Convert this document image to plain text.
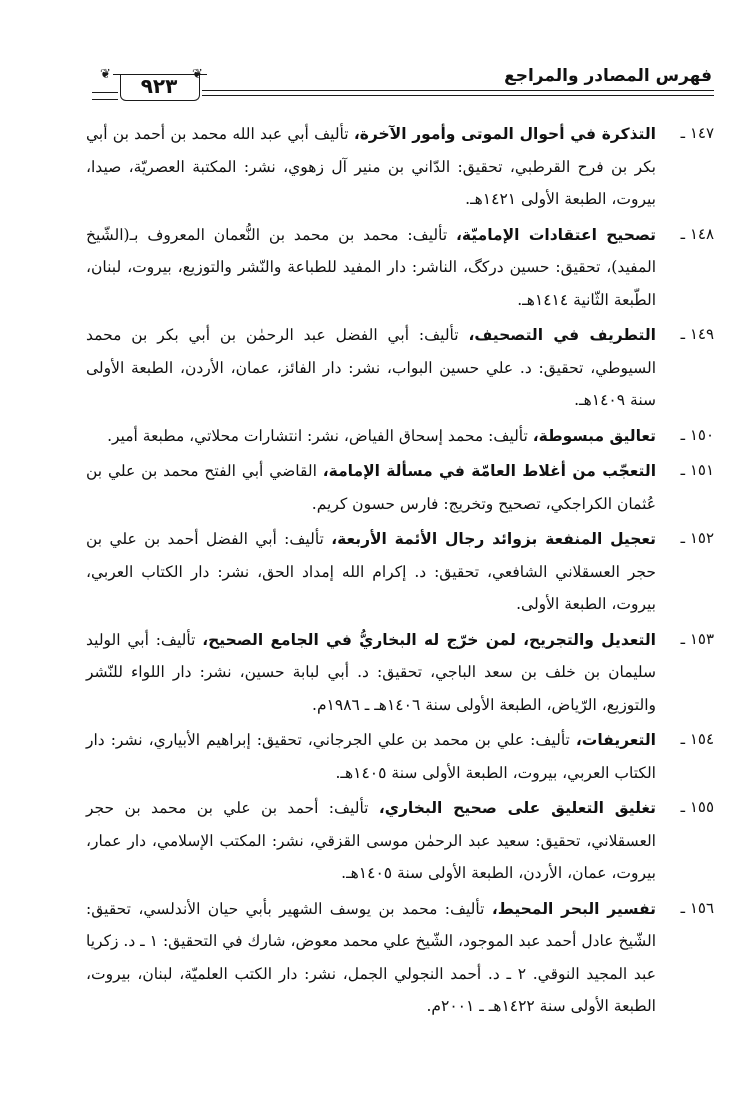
فهرس المصادر والمراجع
❦	❦
٩٢٣
١٤٧ ـ
التذكرة في أحوال الموتى وأمور الآخرة، تأليف أبي عبد الله محمد بن أحمد بن أبي بكر بن فرح القرطبي، تحقيق: الدّاني بن منير آل زهوي، نشر: المكتبة العصريّة، صيدا، بيروت، الطبعة الأولى ١٤٢١هـ.
١٤٨ ـ
تصحيح اعتقادات الإماميّة، تأليف: محمد بن محمد بن النُّعمان المعروف بـ(الشّيخ المفيد)، تحقيق: حسين دركگ، الناشر: دار المفيد للطباعة والنّشر والتوزيع، بيروت، لبنان، الطّبعة الثّانية ١٤١٤هـ.
١٤٩ ـ
التطريف في التصحيف، تأليف: أبي الفضل عبد الرحمٰن بن أبي بكر بن محمد السيوطي، تحقيق: د. علي حسين البواب، نشر: دار الفائز، عمان، الأردن، الطبعة الأولى سنة ١٤٠٩هـ.
١٥٠ ـ
تعاليق مبسوطة، تأليف: محمد إسحاق الفياض، نشر: انتشارات محلاتي، مطبعة أمير.
١٥١ ـ
التعجّب من أغلاط العامّة في مسألة الإمامة، القاضي أبي الفتح محمد بن علي بن عُثمان الكراجكي، تصحيح وتخريج: فارس حسون كريم.
١٥٢ ـ
تعجيل المنفعة بزوائد رجال الأئمة الأربعة، تأليف: أبي الفضل أحمد بن علي بن حجر العسقلاني الشافعي، تحقيق: د. إكرام الله إمداد الحق، نشر: دار الكتاب العربي، بيروت، الطبعة الأولى.
١٥٣ ـ
التعديل والتجريح، لمن خرّج له البخاريُّ في الجامع الصحيح، تأليف: أبي الوليد سليمان بن خلف بن سعد الباجي، تحقيق: د. أبي لبابة حسين، نشر: دار اللواء للنّشر والتوزيع، الرّياض، الطبعة الأولى سنة ١٤٠٦هـ ـ ١٩٨٦م.
١٥٤ ـ
التعريفات، تأليف: علي بن محمد بن علي الجرجاني، تحقيق: إبراهيم الأبياري، نشر: دار الكتاب العربي، بيروت، الطبعة الأولى سنة ١٤٠٥هـ.
١٥٥ ـ
تغليق التعليق على صحيح البخاري، تأليف: أحمد بن علي بن محمد بن حجر العسقلاني، تحقيق: سعيد عبد الرحمٰن موسى القزقي، نشر: المكتب الإسلامي، دار عمار، بيروت، عمان، الأردن، الطبعة الأولى سنة ١٤٠٥هـ.
١٥٦ ـ
تفسير البحر المحيط، تأليف: محمد بن يوسف الشهير بأبي حيان الأندلسي، تحقيق: الشّيخ عادل أحمد عبد الموجود، الشّيخ علي محمد معوض، شارك في التحقيق: ١ ـ د. زكريا عبد المجيد النوقي. ٢ ـ د. أحمد النجولي الجمل، نشر: دار الكتب العلميّة، لبنان، بيروت، الطبعة الأولى سنة ١٤٢٢هـ ـ ٢٠٠١م.
